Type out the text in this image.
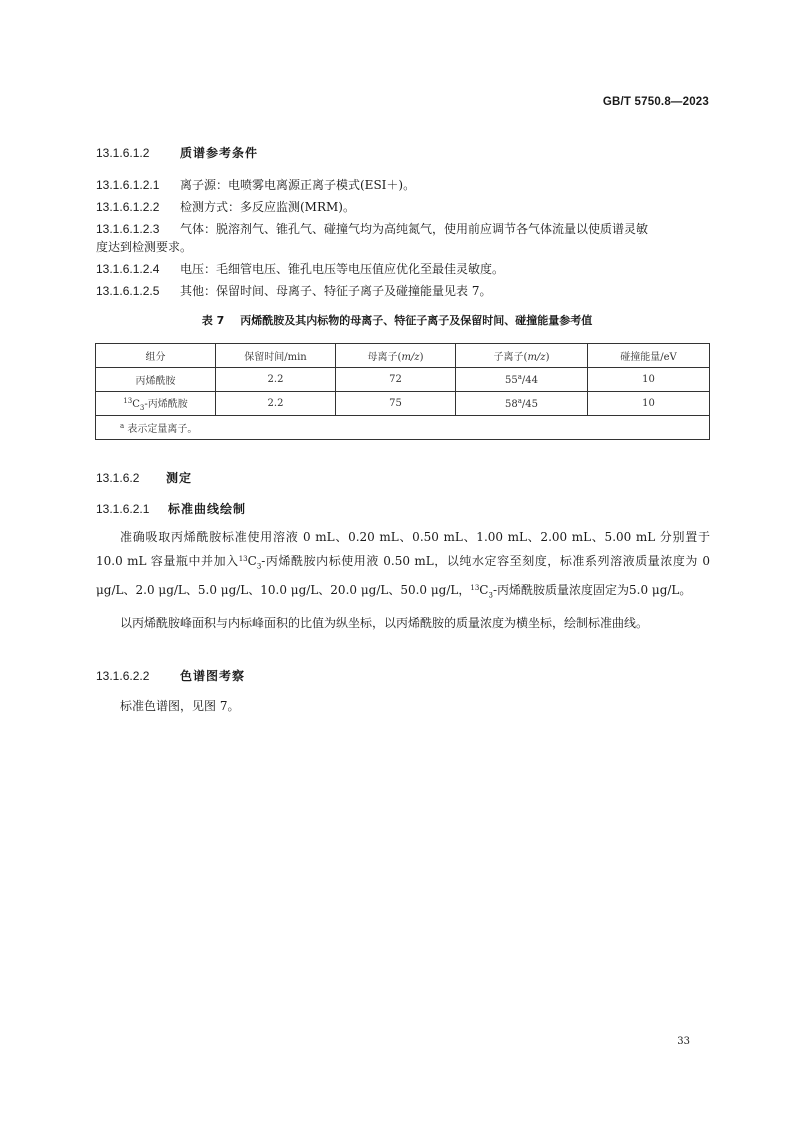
GB/T 5750.8—2023
13.1.6.1.2	质谱参考条件
13.1.6.1.2.1 离子源：电喷雾电离源正离子模式(ESI＋)。
13.1.6.1.2.2 检测方式：多反应监测(MRM)。
13.1.6.1.2.3 气体：脱溶剂气、锥孔气、碰撞气均为高纯氮气，使用前应调节各气体流量以使质谱灵敏
度达到检测要求。
13.1.6.1.2.4 电压：毛细管电压、锥孔电压等电压值应优化至最佳灵敏度。
13.1.6.1.2.5 其他：保留时间、母离子、特征子离子及碰撞能量见表 7。
表 7 丙烯酰胺及其内标物的母离子、特征子离子及保留时间、碰撞能量参考值
组分	保留时间/min	母离子(m/z)	子离子(m/z)	碰撞能量/eV
丙烯酰胺	2.2	72	55$^a$/44	10
$^{13}C_3-$丙烯酰胺	2.2	75	58$^a$/45	10
$^a$ 表示定量离子。				
13.1.6.2 测定
13.1.6.2.1 标准曲线绘制
准确吸取丙烯酰胺标准使用溶液 0 mL、0.20 mL、0.50 mL、1.00 mL、2.00 mL、5.00 mL 分别置于 10.0 mL 容量瓶中并加入$^{13}C_3-$丙烯酰胺内标使用液 0.50 mL，以纯水定容至刻度，标准系列溶液质量浓度为 0 μg/L、2.0 μg/L、5.0 μg/L、10.0 μg/L、20.0 μg/L、50.0 μg/L，$^{13}C_3-$丙烯酰胺质量浓度固定为5.0 μg/L。
以丙烯酰胺峰面积与内标峰面积的比值为纵坐标，以丙烯酰胺的质量浓度为横坐标，绘制标准曲线。
13.1.6.2.2	色谱图考察
标准色谱图，见图 7。
33
